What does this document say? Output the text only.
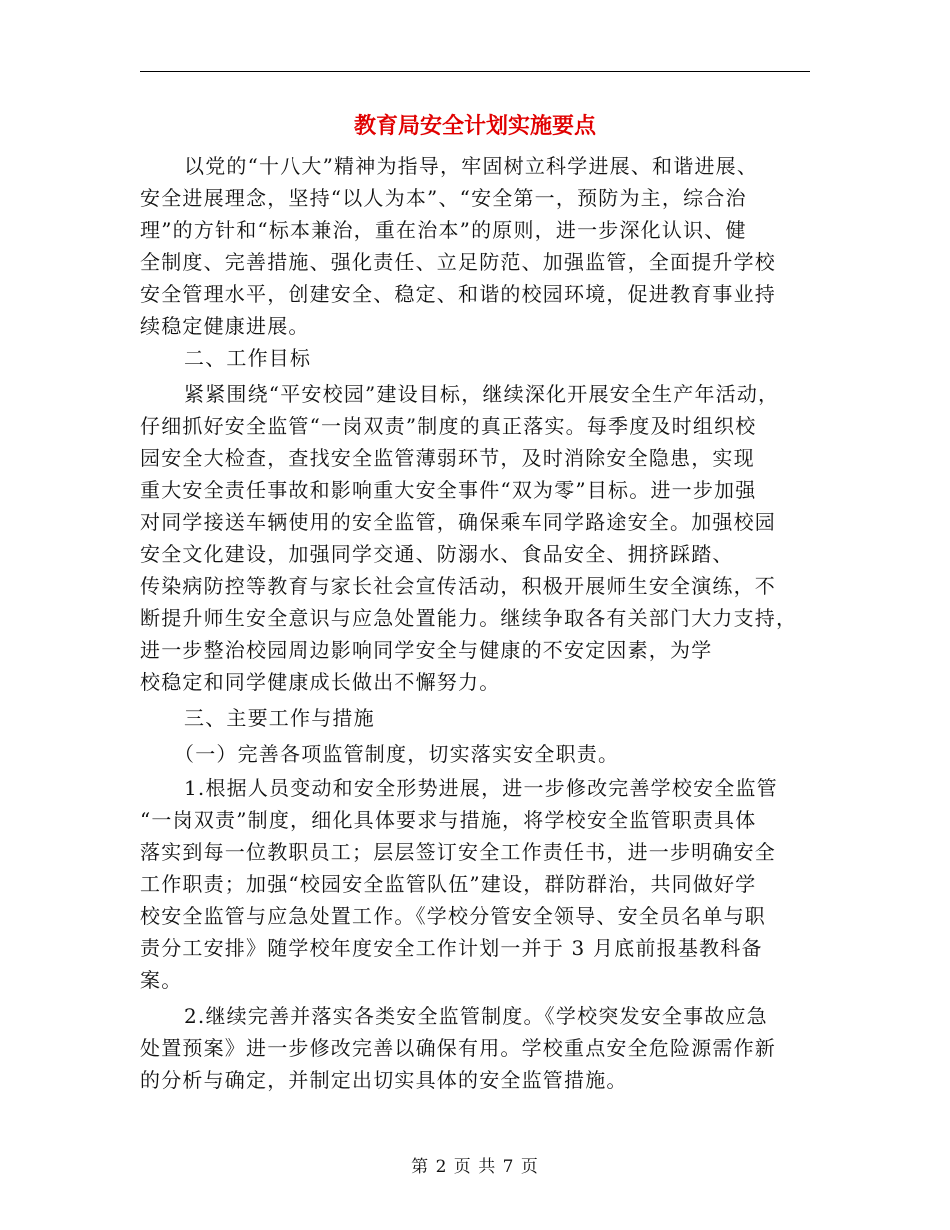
教育局安全计划实施要点
以党的“十八大”精神为指导，牢固树立科学进展、和谐进展、
安全进展理念，坚持“以人为本”、“安全第一，预防为主，综合治
理”的方针和“标本兼治，重在治本”的原则，进一步深化认识、健
全制度、完善措施、强化责任、立足防范、加强监管，全面提升学校
安全管理水平，创建安全、稳定、和谐的校园环境，促进教育事业持
续稳定健康进展。
二、工作目标
紧紧围绕“平安校园”建设目标，继续深化开展安全生产年活动，
仔细抓好安全监管“一岗双责”制度的真正落实。每季度及时组织校
园安全大检查，查找安全监管薄弱环节，及时消除安全隐患，实现
重大安全责任事故和影响重大安全事件“双为零”目标。进一步加强
对同学接送车辆使用的安全监管，确保乘车同学路途安全。加强校园
安全文化建设，加强同学交通、防溺水、食品安全、拥挤踩踏、
传染病防控等教育与家长社会宣传活动，积极开展师生安全演练，不
断提升师生安全意识与应急处置能力。继续争取各有关部门大力支持，
进一步整治校园周边影响同学安全与健康的不安定因素，为学
校稳定和同学健康成长做出不懈努力。
三、主要工作与措施
（一）完善各项监管制度，切实落实安全职责。
1.根据人员变动和安全形势进展，进一步修改完善学校安全监管
“一岗双责”制度，细化具体要求与措施，将学校安全监管职责具体
落实到每一位教职员工；层层签订安全工作责任书，进一步明确安全
工作职责；加强“校园安全监管队伍”建设，群防群治，共同做好学
校安全监管与应急处置工作。《学校分管安全领导、安全员名单与职
责分工安排》随学校年度安全工作计划一并于 3 月底前报基教科备
案。
2.继续完善并落实各类安全监管制度。《学校突发安全事故应急
处置预案》进一步修改完善以确保有用。学校重点安全危险源需作新
的分析与确定，并制定出切实具体的安全监管措施。
第 2 页 共 7 页
